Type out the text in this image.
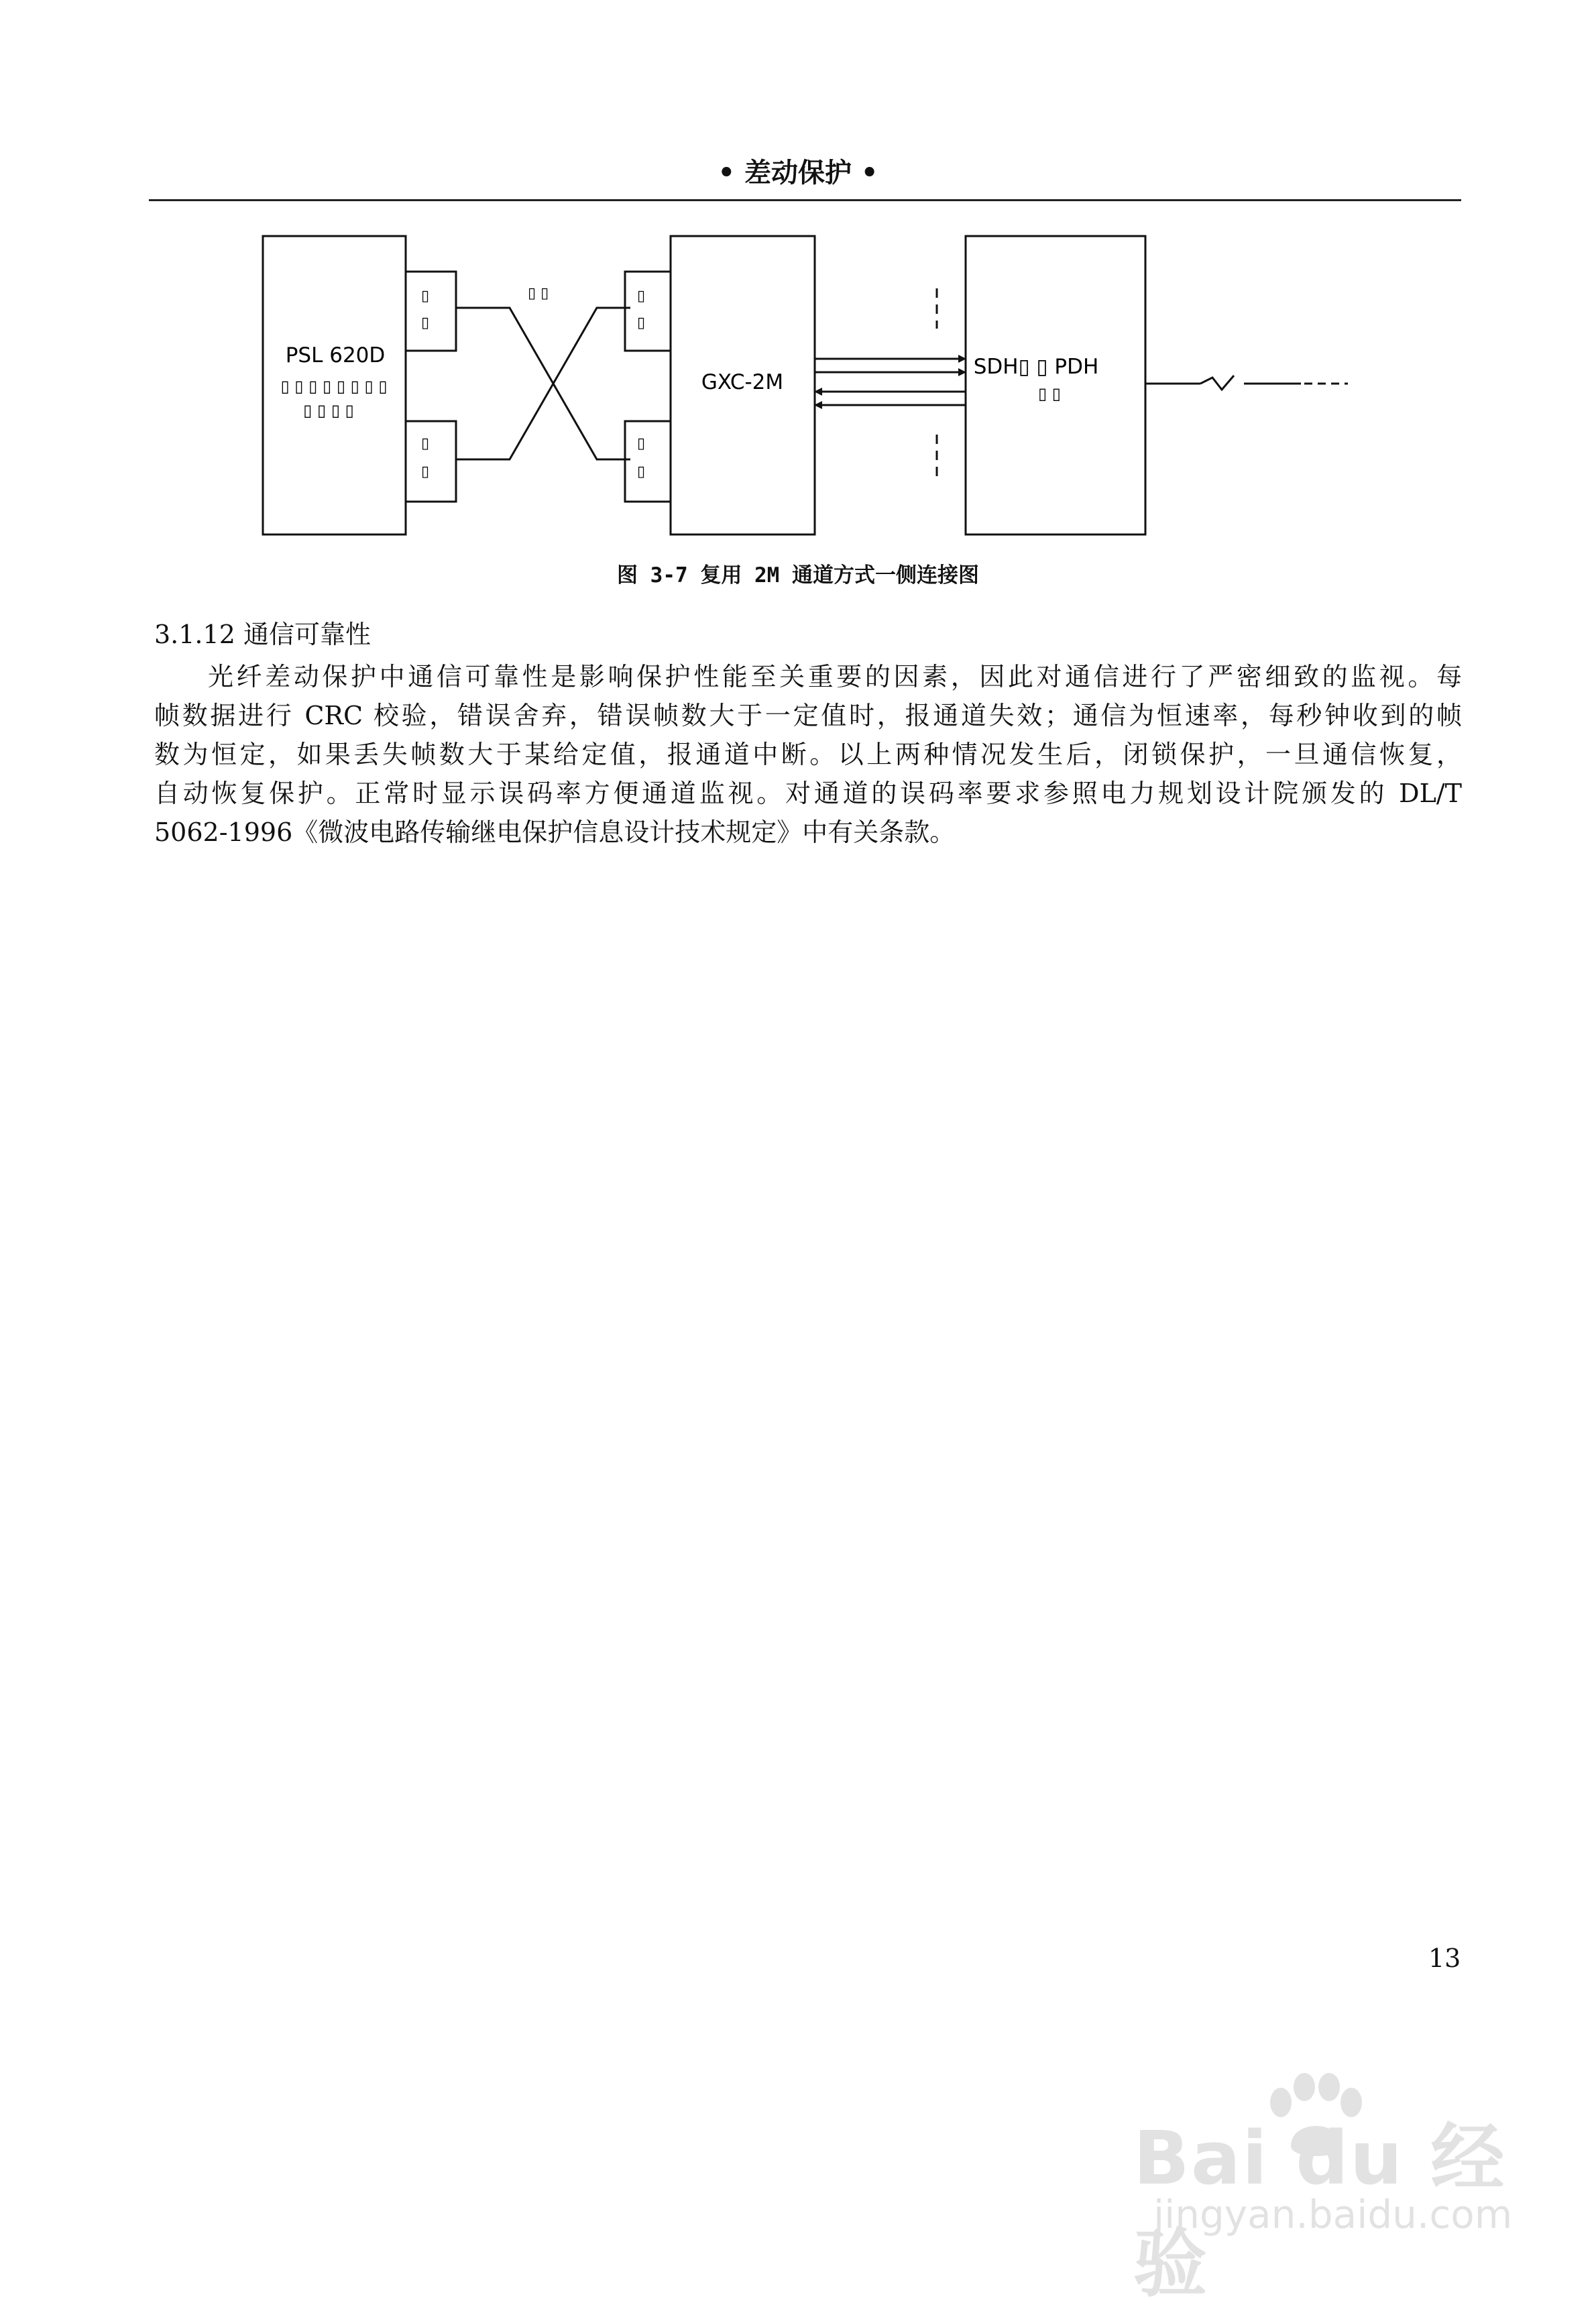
• 差动保护 •
PSL 620D
▯ ▯ ▯ ▯ ▯ ▯ ▯ ▯
▯ ▯ ▯ ▯
▯
▯
▯
▯
▯ ▯	▯
▯
▯
▯
GXC-2M
SDH▯ ▯ PDH
▯ ▯
图 3-7 复用 2M 通道方式一侧连接图
3.1.12 通信可靠性
光纤差动保护中通信可靠性是影响保护性能至关重要的因素，因此对通信进行了严密细致的监视。每
帧数据进行 CRC 校验，错误舍弃，错误帧数大于一定值时，报通道失效；通信为恒速率，每秒钟收到的帧
数为恒定，如果丢失帧数大于某给定值，报通道中断。以上两种情况发生后，闭锁保护，一旦通信恢复，
自动恢复保护。正常时显示误码率方便通道监视。对通道的误码率要求参照电力规划设计院颁发的 DL/T
5062-1996《微波电路传输继电保护信息设计技术规定》中有关条款。
13
Bai du 经验
jingyan.baidu.com
